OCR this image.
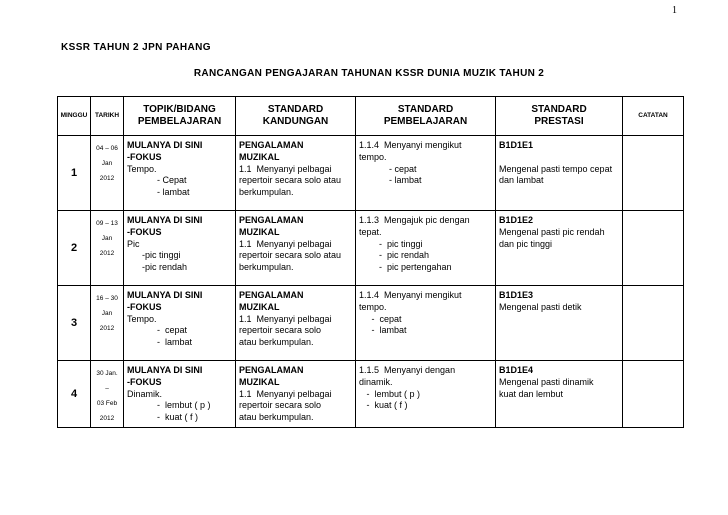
1
KSSR TAHUN 2 JPN PAHANG
RANCANGAN PENGAJARAN TAHUNAN KSSR DUNIA MUZIK TAHUN 2
MINGGU	TARIKH	TOPIK/BIDANG
PEMBELAJARAN	STANDARD
KANDUNGAN	STANDARD
PEMBELAJARAN	STANDARD
PRESTASI	CATATAN
1	04 – 06
Jan
2012	MULANYA DI SINI
-FOKUS
Tempo.
- Cepat
- lambat	PENGALAMAN
MUZIKAL
1.1  Menyanyi pelbagai
repertoir secara solo atau
berkumpulan.	1.1.4  Menyanyi mengikut
tempo.
- cepat
- lambat	B1D1E1

Mengenal pasti tempo cepat
dan lambat	

2	09 – 13
Jan
2012	MULANYA DI SINI
-FOKUS
Pic
-pic tinggi
-pic rendah	PENGALAMAN
MUZIKAL
1.1  Menyanyi pelbagai
repertoir secara solo atau
berkumpulan.	1.1.3  Mengajuk pic dengan
tepat.
-  pic tinggi
-  pic rendah
-  pic pertengahan	B1D1E2
Mengenal pasti pic rendah
dan pic tinggi	

3	16 – 30
Jan
2012	MULANYA DI SINI
-FOKUS
Tempo.
-  cepat
-  lambat	PENGALAMAN
MUZIKAL
1.1  Menyanyi pelbagai
repertoir secara solo
atau berkumpulan.	1.1.4  Menyanyi mengikut
tempo.
-  cepat
-  lambat	B1D1E3
Mengenal pasti detik	

4	30 Jan.
–
03 Feb
2012	MULANYA DI SINI
-FOKUS
Dinamik.
-  lembut ( p )
-  kuat ( f )	PENGALAMAN
MUZIKAL
1.1  Menyanyi pelbagai
repertoir secara solo
atau berkumpulan.	1.1.5  Menyanyi dengan
dinamik.
-  lembut ( p )
-  kuat ( f )	B1D1E4
Mengenal pasti dinamik
kuat dan lembut	
